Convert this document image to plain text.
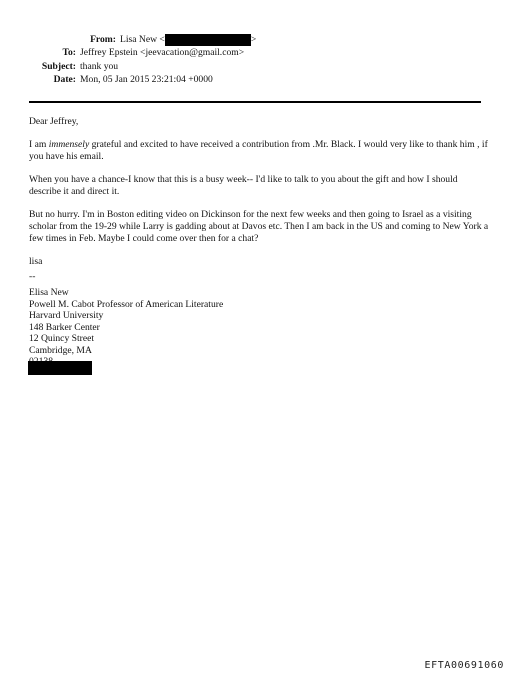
From: Lisa New <	>
To: Jeffrey Epstein <jeevacation@gmail.com>
Subject: thank you
Date: Mon, 05 Jan 2015 23:21:04 +0000

Dear Jeffrey,

I am immensely grateful and excited to have received a contribution from .Mr. Black. I would very like to thank him , if you have his email.

When you have a chance-I know that this is a busy week-- I'd like to talk to you about the gift and how I should describe it and direct it.

But no hurry. I'm in Boston editing video on Dickinson for the next few weeks and then going to Israel as a visiting scholar from the 19-29 while Larry is gadding about at Davos etc. Then I am back in the US and coming to New York a few times in Feb. Maybe I could come over then for a chat?

lisa

--

Elisa New
Powell M. Cabot Professor of American Literature
Harvard University
148 Barker Center
12 Quincy Street
Cambridge, MA
EFTA00691060
